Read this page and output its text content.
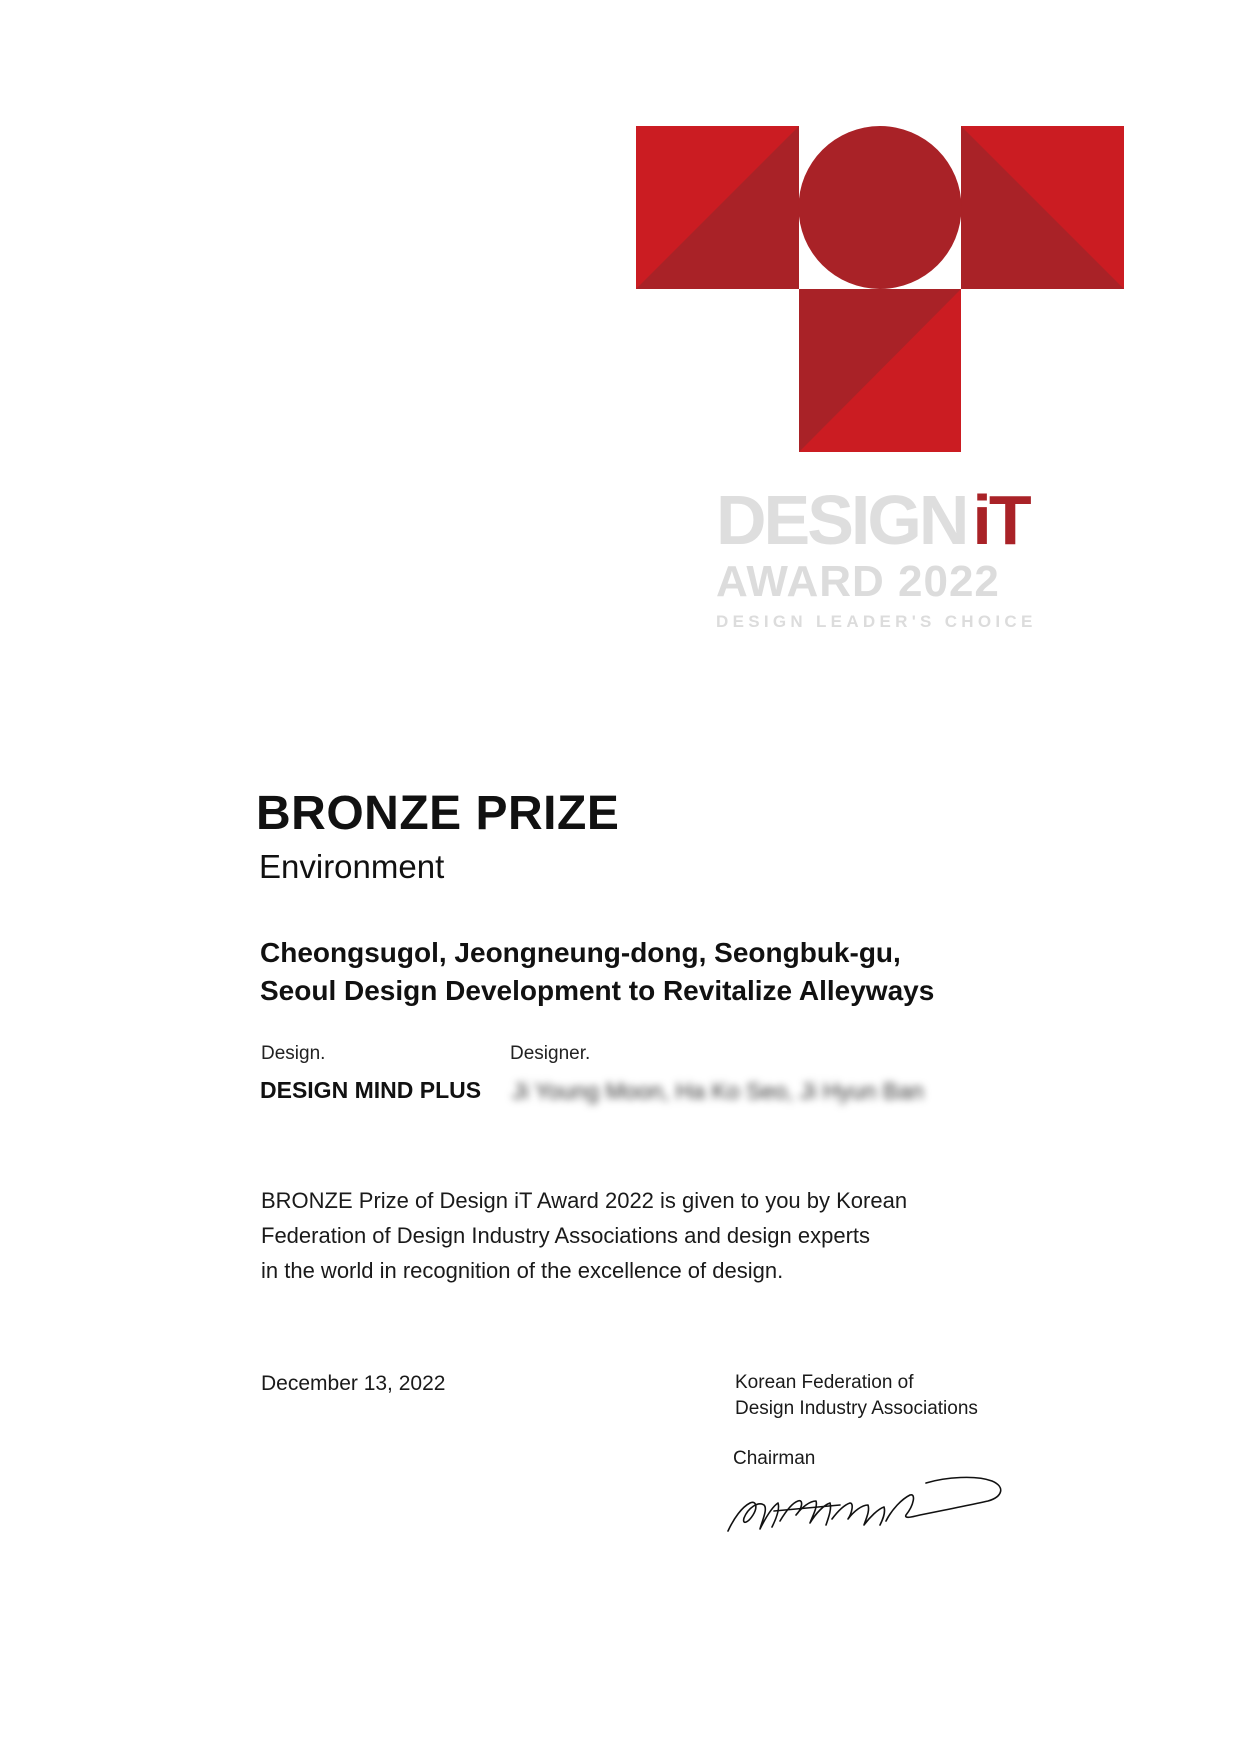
DESIGNiT
AWARD 2022
DESIGN LEADER'S CHOICE
BRONZE PRIZE
Environment
Cheongsugol, Jeongneung-dong, Seongbuk-gu,
Seoul Design Development to Revitalize Alleyways
Design.	Designer.
DESIGN MIND PLUS Ji Young Moon, Ha Ko Seo, Ji Hyun Ban
BRONZE Prize of Design iT Award 2022 is given to you by Korean
Federation of Design Industry Associations and design experts
in the world in recognition of the excellence of design.
December 13, 2022	Korean Federation of
Design Industry Associations
Chairman
